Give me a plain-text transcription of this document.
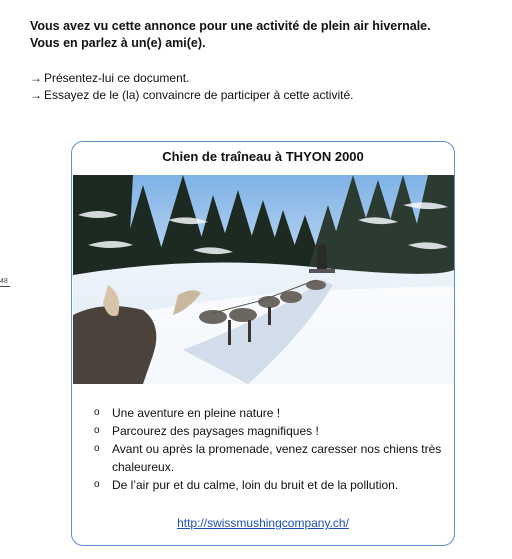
Vous avez vu cette annonce pour une activité de plein air hivernale.
Vous en parlez à un(e) ami(e).
→ Présentez-lui ce document.
→ Essayez de le (la) convaincre de participer à cette activité.
48
Chien de traîneau à THYON 2000
o	Une aventure en pleine nature !
o	Parcourez des paysages magnifiques !
o	Avant ou après la promenade, venez caresser nos chiens très chaleureux.
o	De l’air pur et du calme, loin du bruit et de la pollution.
http://swissmushingcompany.ch/
